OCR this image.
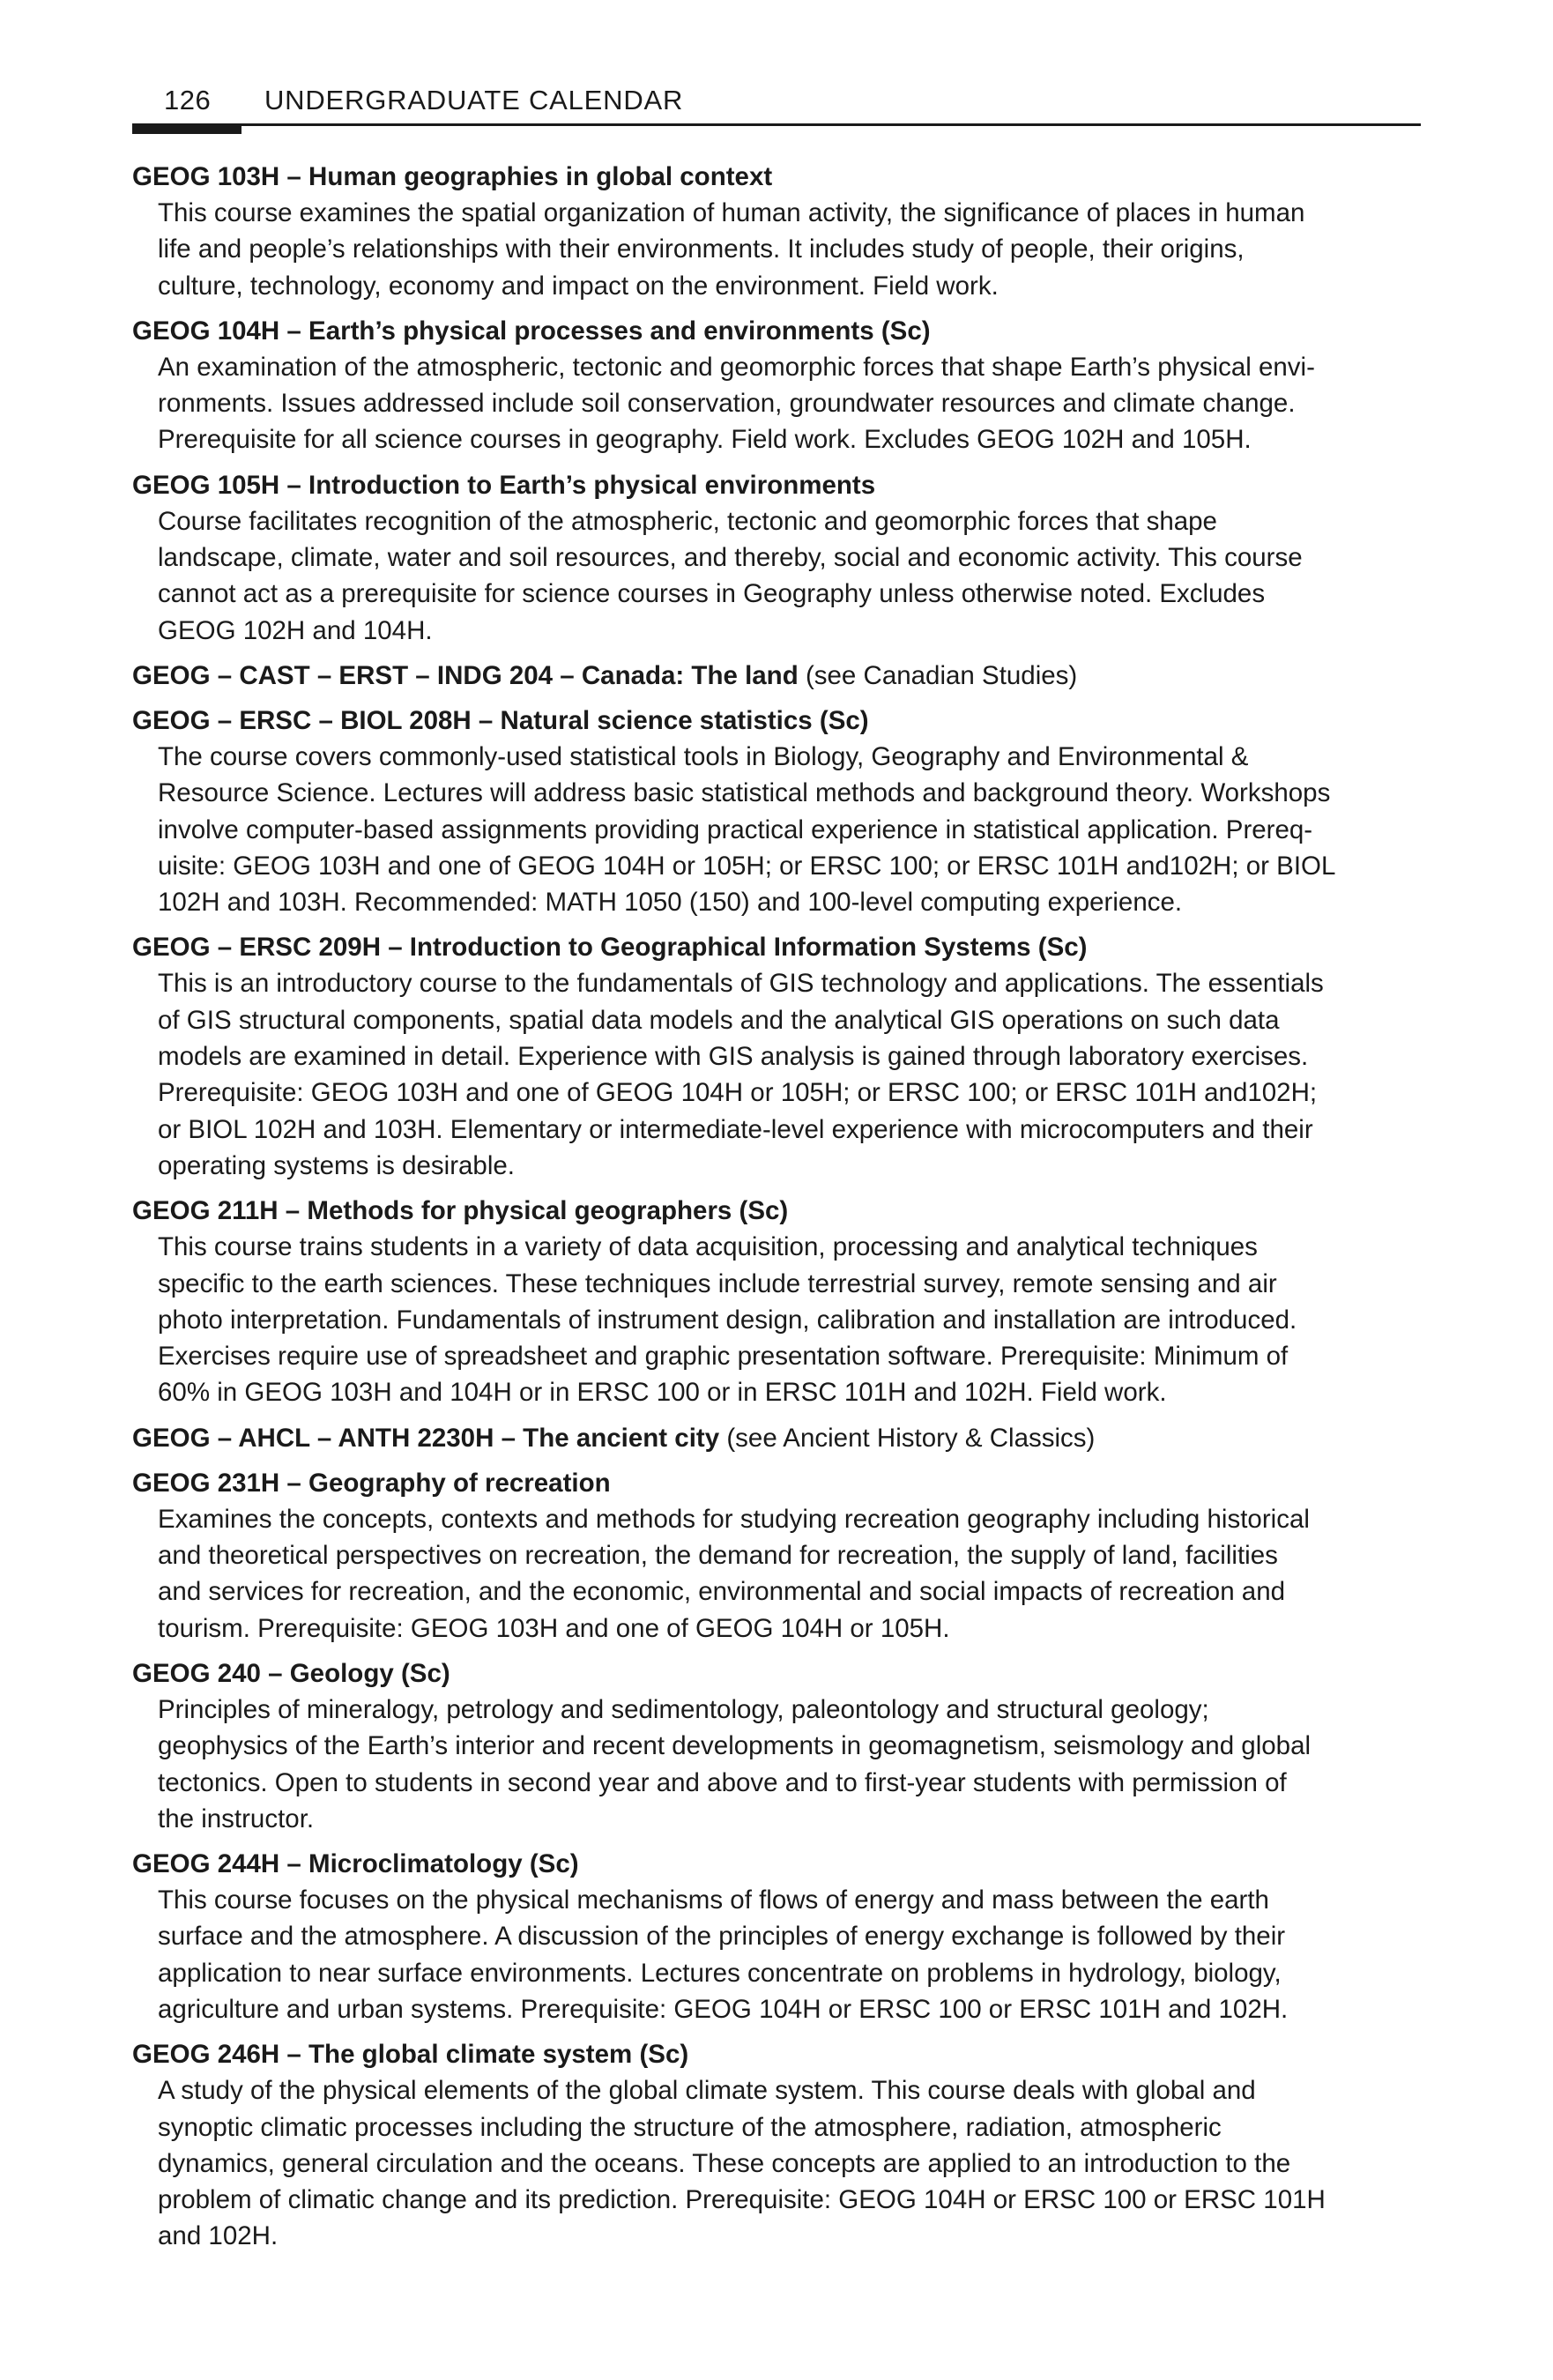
126 UNDERGRADUATE CALENDAR

GEOG 103H – Human geographies in global context

This course examines the spatial organization of human activity, the significance of places in human
life and people’s relationships with their environments. It includes study of people, their origins,
culture, technology, economy and impact on the environment. Field work.

GEOG 104H – Earth’s physical processes and environments (Sc)

An examination of the atmospheric, tectonic and geomorphic forces that shape Earth’s physical envi-
ronments. Issues addressed include soil conservation, groundwater resources and climate change.
Prerequisite for all science courses in geography. Field work. Excludes GEOG 102H and 105H.

GEOG 105H – Introduction to Earth’s physical environments

Course facilitates recognition of the atmospheric, tectonic and geomorphic forces that shape
landscape, climate, water and soil resources, and thereby, social and economic activity. This course
cannot act as a prerequisite for science courses in Geography unless otherwise noted. Excludes
GEOG 102H and 104H.

GEOG – CAST – ERST – INDG 204 – Canada: The land (see Canadian Studies)

GEOG – ERSC – BIOL 208H – Natural science statistics (Sc)

The course covers commonly-used statistical tools in Biology, Geography and Environmental &
Resource Science. Lectures will address basic statistical methods and background theory. Workshops
involve computer-based assignments providing practical experience in statistical application. Prereq-
uisite: GEOG 103H and one of GEOG 104H or 105H; or ERSC 100; or ERSC 101H and102H; or BIOL
102H and 103H. Recommended: MATH 1050 (150) and 100-level computing experience.

GEOG – ERSC 209H – Introduction to Geographical Information Systems (Sc)

This is an introductory course to the fundamentals of GIS technology and applications. The essentials
of GIS structural components, spatial data models and the analytical GIS operations on such data
models are examined in detail. Experience with GIS analysis is gained through laboratory exercises.
Prerequisite: GEOG 103H and one of GEOG 104H or 105H; or ERSC 100; or ERSC 101H and102H;
or BIOL 102H and 103H. Elementary or intermediate-level experience with microcomputers and their
operating systems is desirable.

GEOG 211H – Methods for physical geographers (Sc)

This course trains students in a variety of data acquisition, processing and analytical techniques
specific to the earth sciences. These techniques include terrestrial survey, remote sensing and air
photo interpretation. Fundamentals of instrument design, calibration and installation are introduced.
Exercises require use of spreadsheet and graphic presentation software. Prerequisite: Minimum of
60% in GEOG 103H and 104H or in ERSC 100 or in ERSC 101H and 102H. Field work.

GEOG – AHCL – ANTH 2230H – The ancient city (see Ancient History & Classics)

GEOG 231H – Geography of recreation

Examines the concepts, contexts and methods for studying recreation geography including historical
and theoretical perspectives on recreation, the demand for recreation, the supply of land, facilities
and services for recreation, and the economic, environmental and social impacts of recreation and
tourism. Prerequisite: GEOG 103H and one of GEOG 104H or 105H.

GEOG 240 – Geology (Sc)

Principles of mineralogy, petrology and sedimentology, paleontology and structural geology;
geophysics of the Earth’s interior and recent developments in geomagnetism, seismology and global
tectonics. Open to students in second year and above and to first-year students with permission of
the instructor.

GEOG 244H – Microclimatology (Sc)

This course focuses on the physical mechanisms of flows of energy and mass between the earth
surface and the atmosphere. A discussion of the principles of energy exchange is followed by their
application to near surface environments. Lectures concentrate on problems in hydrology, biology,
agriculture and urban systems. Prerequisite: GEOG 104H or ERSC 100 or ERSC 101H and 102H.

GEOG 246H – The global climate system (Sc)

A study of the physical elements of the global climate system. This course deals with global and
synoptic climatic processes including the structure of the atmosphere, radiation, atmospheric
dynamics, general circulation and the oceans. These concepts are applied to an introduction to the
problem of climatic change and its prediction. Prerequisite: GEOG 104H or ERSC 100 or ERSC 101H
and 102H.
